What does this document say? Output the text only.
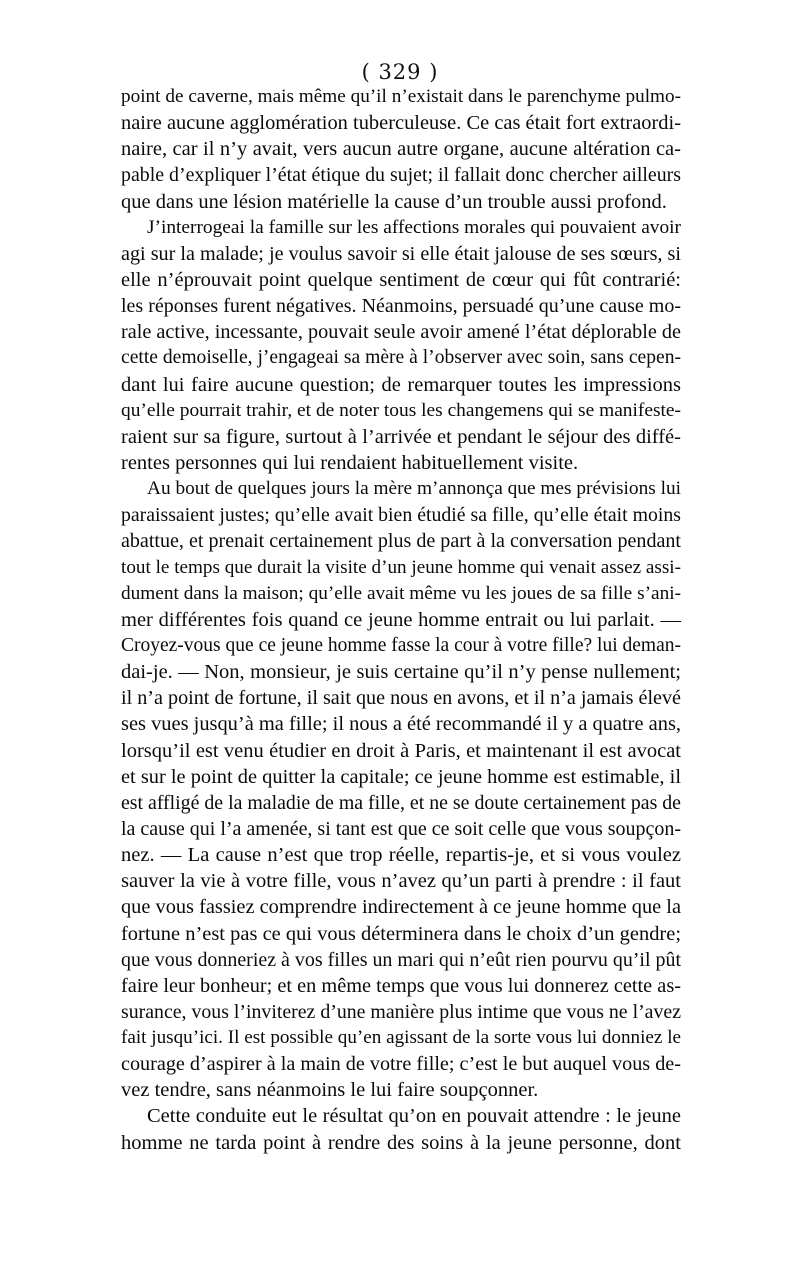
( 329 )
point de caverne, mais même qu’il n’existait dans le parenchyme pulmo-
naire aucune agglomération tuberculeuse. Ce cas était fort extraordi-
naire, car il n’y avait, vers aucun autre organe, aucune altération ca-
pable d’expliquer l’état étique du sujet; il fallait donc chercher ailleurs
que dans une lésion matérielle la cause d’un trouble aussi profond.
J’interrogeai la famille sur les affections morales qui pouvaient avoir
agi sur la malade; je voulus savoir si elle était jalouse de ses sœurs, si
elle n’éprouvait point quelque sentiment de cœur qui fût contrarié:
les réponses furent négatives. Néanmoins, persuadé qu’une cause mo-
rale active, incessante, pouvait seule avoir amené l’état déplorable de
cette demoiselle, j’engageai sa mère à l’observer avec soin, sans cepen-
dant lui faire aucune question; de remarquer toutes les impressions
qu’elle pourrait trahir, et de noter tous les changemens qui se manifeste-
raient sur sa figure, surtout à l’arrivée et pendant le séjour des diffé-
rentes personnes qui lui rendaient habituellement visite.
Au bout de quelques jours la mère m’annonça que mes prévisions lui
paraissaient justes; qu’elle avait bien étudié sa fille, qu’elle était moins
abattue, et prenait certainement plus de part à la conversation pendant
tout le temps que durait la visite d’un jeune homme qui venait assez assi-
dument dans la maison; qu’elle avait même vu les joues de sa fille s’ani-
mer différentes fois quand ce jeune homme entrait ou lui parlait. —
Croyez-vous que ce jeune homme fasse la cour à votre fille? lui deman-
dai-je. — Non, monsieur, je suis certaine qu’il n’y pense nullement;
il n’a point de fortune, il sait que nous en avons, et il n’a jamais élevé
ses vues jusqu’à ma fille; il nous a été recommandé il y a quatre ans,
lorsqu’il est venu étudier en droit à Paris, et maintenant il est avocat
et sur le point de quitter la capitale; ce jeune homme est estimable, il
est affligé de la maladie de ma fille, et ne se doute certainement pas de
la cause qui l’a amenée, si tant est que ce soit celle que vous soupçon-
nez. — La cause n’est que trop réelle, repartis-je, et si vous voulez
sauver la vie à votre fille, vous n’avez qu’un parti à prendre : il faut
que vous fassiez comprendre indirectement à ce jeune homme que la
fortune n’est pas ce qui vous déterminera dans le choix d’un gendre;
que vous donneriez à vos filles un mari qui n’eût rien pourvu qu’il pût
faire leur bonheur; et en même temps que vous lui donnerez cette as-
surance, vous l’inviterez d’une manière plus intime que vous ne l’avez
fait jusqu’ici. Il est possible qu’en agissant de la sorte vous lui donniez le
courage d’aspirer à la main de votre fille; c’est le but auquel vous de-
vez tendre, sans néanmoins le lui faire soupçonner.
Cette conduite eut le résultat qu’on en pouvait attendre : le jeune
homme ne tarda point à rendre des soins à la jeune personne, dont
